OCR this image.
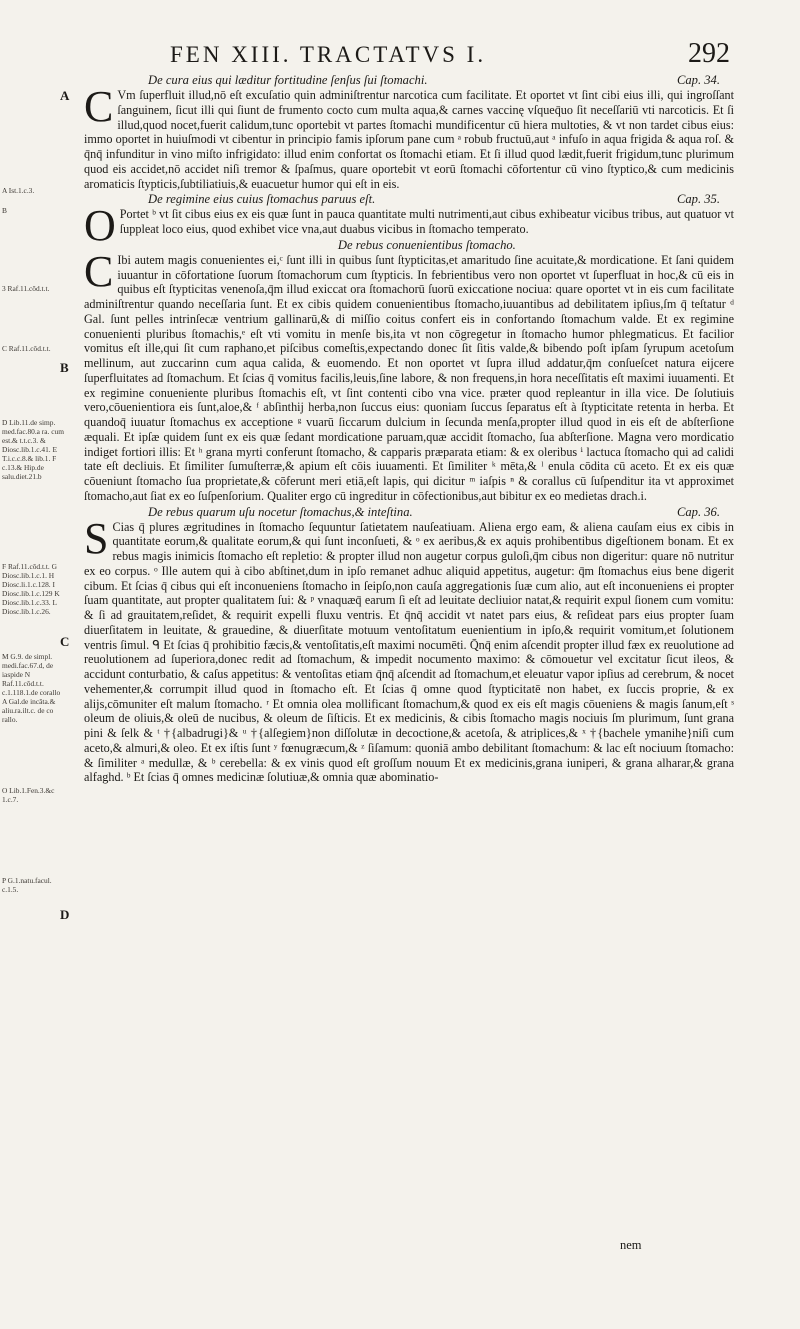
FEN XIII. TRACTATVS I.	292
A Ist.1.c.3.
B
3 Raf.11.cōd.t.t.
C Raf.11.cōd.t.t.
D Lib.11.de simp. med.fac.80.a ra. cum est.& t.t.c.3. & Diosc.lib.1.c.41. E T.i.c.c.8.& lib.1. F c.13.& Hip.de salu.diet.21.b
F Raf.11.cōd.t.t. G Diosc.lib.1.c.1. H Diosc.li.1.c.128. I Diosc.lib.1.c.129 K Diosc.lib.1.c.33. L Diosc.lib.1.c.26.
M G.9. de simpl. medi.fac.67.d, de iaspide N Raf.11.cōd.t.t. c.1.118.1.de corallo A Gal.de incāta.& aliu.ra.ilt.c. de co rallo.
O Lib.1.Fen.3.&c 1.c.7.
P G.1.natu.facul. c.1.5.
A
B
C
D
De cura eius qui læditur fortitudine ſenſus ſui ſtomachi.	Cap. 34.

C Vm ſuperfluit illud,nō eſt excuſatio quin adminiſtrentur narcotica cum facilitate. Et oportet vt ſint cibi eius illi, qui ingroſſant ſanguinem, ſicut illi qui ſiunt de frumento cocto cum multa aqua,& carnes vaccinę vſqueq̄uo ſit neceſſariū vti narcoticis. Et ſi illud,quod nocet,fuerit calidum,tunc oportebit vt partes ſtomachi mundificentur cū hiera multoties, & vt non tardet cibus eius: immo oportet in huiuſmodi vt cibentur in principio famis ipſorum pane cum ᵃ robub fructuū,aut ᵃ infuſo in aqua frigida & aqua roſ. & q̄nq̄ infunditur in vino miſto infrigidato: illud enim confortat os ſtomachi etiam. Et ſi illud quod lædit,fuerit frigidum,tunc plurimum quod eis accidet,nō accidet niſi tremor & ſpaſmus, quare oportebit vt eorū ſtomachi cōfortentur cū vino ſtyptico,& cum medicinis aromaticis ſtypticis,ſubtiliatiuis,& euacuetur humor qui eſt in eis.

De regimine eius cuius ſtomachus paruus eſt.	Cap. 35.

O Portet ᵇ vt ſit cibus eius ex eis quæ ſunt in pauca quantitate multi nutrimenti,aut cibus exhibeatur vicibus tribus, aut quatuor vt ſuppleat loco eius, quod exhibet vice vna,aut duabus vicibus in ſtomacho temperato.

De rebus conuenientibus ſtomacho.

C Ibi autem magis conuenientes ei,ᶜ ſunt illi in quibus ſunt ſtypticitas,et amaritudo ſine acuitate,& mordicatione. Et ſani quidem iuuantur in cōfortatione ſuorum ſtomachorum cum ſtypticis. In febrientibus vero non oportet vt ſuperfluat in hoc,& cū eis in quibus eſt ſtypticitas venenoſa,q̄m illud exiccat ora ſtomachorū ſuorū exiccatione nociua: quare oportet vt in eis cum facilitate adminiſtrentur quando neceſſaria ſunt. Et ex cibis quidem conuenientibus ſtomacho,iuuantibus ad debilitatem ipſius,ſm q̄ teſtatur ᵈ Gal. ſunt pelles intrinſecæ ventrium gallinarū,& di miſſio coitus confert eis in confortando ſtomachum valde. Et ex regimine conuenienti pluribus ſtomachis,ᵉ eſt vti vomitu in menſe bis,ita vt non cōgregetur in ſtomacho humor phlegmaticus. Et facilior vomitus eſt ille,qui ſit cum raphano,et piſcibus comeſtis,expectando donec ſit ſitis valde,& bibendo poſt ipſam ſyrupum acetoſum mellinum, aut zuccarinn cum aqua calida, & euomendo. Et non oportet vt ſupra illud addatur,q̄m conſueſcet natura eijcere ſuperfluitates ad ſtomachum. Et ſcias q̄ vomitus facilis,leuis,ſine labore, & non frequens,in hora neceſſitatis eſt maximi iuuamenti. Et ex regimine conueniente pluribus ſtomachis eſt, vt ſint contenti cibo vna vice. præter quod repleantur in illa vice. De ſolutiuis vero,cōuenientiora eis ſunt,aloe,& ᶠ abſinthij herba,non ſuccus eius: quoniam ſuccus ſeparatus eſt à ſtypticitate retenta in herba. Et quandoq̄ iuuatur ſtomachus ex acceptione ᵍ vuarū ſiccarum dulcium in ſecunda menſa,propter illud quod in eis eſt de abſterſione æquali. Et ipſæ quidem ſunt ex eis quæ ſedant mordicatione paruam,quæ accidit ſtomacho, ſua abſterſione. Magna vero mordicatio indiget fortiori illis: Et ʰ grana myrti conferunt ſtomacho, & capparis præparata etiam: & ex oleribus ⁱ lactuca ſtomacho qui ad calidi tate eſt decliuis. Et ſimiliter ſumuſterræ,& apium eſt cōis iuuamenti. Et ſimiliter ᵏ mēta,& ˡ enula cōdita cū aceto. Et ex eis quæ cōueniunt ſtomacho ſua proprietate,& cōferunt meri etiā,eſt lapis, qui dicitur ᵐ iaſpis ⁿ & corallus cū ſuſpenditur ita vt approximet ſtomacho,aut ſiat ex eo ſuſpenſorium. Qualiter ergo cū ingreditur in cōfectionibus,aut bibitur ex eo medietas drach.i.

De rebus quarum uſu nocetur ſtomachus,& inteſtina.	Cap. 36.

S Cias q̄ plures ægritudines in ſtomacho ſequuntur ſatietatem nauſeatiuam. Aliena ergo eam, & aliena cauſam eius ex cibis in quantitate eorum,& qualitate eorum,& qui ſunt inconſueti, & ᵒ ex aeribus,& ex aquis prohibentibus digeſtionem bonam. Et ex rebus magis inimicis ſtomacho eſt repletio: & propter illud non augetur corpus guloſi,q̄m cibus non digeritur: quare nō nutritur ex eo corpus. ᵒ Ille autem qui à cibo abſtinet,dum in ipſo remanet adhuc aliquid appetitus, augetur: q̄m ſtomachus eius bene digerit cibum. Et ſcias q̄ cibus qui eſt inconueniens ſtomacho in ſeipſo,non cauſa aggregationis ſuæ cum alio, aut eſt inconueniens ei propter ſuam quantitate, aut propter qualitatem ſui: & ᵖ vnaquæq̄ earum ſi eſt ad leuitate decliuior natat,& requirit expul ſionem cum vomitu: & ſi ad grauitatem,reſidet, & requirit expelli fluxu ventris. Et q̄nq̄ accidit vt natet pars eius, & reſideat pars eius propter ſuam diuerſitatem in leuitate, & grauedine, & diuerſitate motuum ventoſitatum euenientium in ipſo,& requirit vomitum,et ſolutionem ventris ſimul. ᑫ Et ſcias q̄ prohibitio fæcis,& ventoſitatis,eſt maximi nocumēti. Q̄nq̄ enim aſcendit propter illud fæx ex reuolutione ad reuolutionem ad ſuperiora,donec redit ad ſtomachum, & impedit nocumento maximo: & cōmouetur vel excitatur ſicut ileos, & accidunt conturbatio, & caſus appetitus: & ventoſitas etiam q̄nq̄ aſcendit ad ſtomachum,et eleuatur vapor ipſius ad cerebrum, & nocet vehementer,& corrumpit illud quod in ſtomacho eſt. Et ſcias q̄ omne quod ſtypticitatē non habet, ex ſuccis proprie, & ex alijs,cōmuniter eſt malum ſtomacho. ʳ Et omnia olea mollificant ſtomachum,& quod ex eis eſt magis cōueniens & magis ſanum,eſt ˢ oleum de oliuis,& oleū de nucibus, & oleum de ſiſticis. Et ex medicinis, & cibis ſtomacho magis nociuis ſm plurimum, ſunt grana pini & ſelk & ᵗ †{albadrugi}& ᵘ †{alſegiem}non diſſolutæ in decoctione,& acetoſa, & atriplices,& ˣ †{bachele ymanihe}niſi cum aceto,& almuri,& oleo. Et ex iſtis ſunt ʸ fœnugræcum,& ᶻ ſiſamum: quoniā ambo debilitant ſtomachum: & lac eſt nociuum ſtomacho: & ſimiliter ᵃ medullæ, & ᵇ cerebella: & ex vinis quod eſt groſſum nouum Et ex medicinis,grana iuniperi, & grana alharar,& grana alfaghd. ᵇ Et ſcias q̄ omnes medicinæ ſolutiuæ,& omnia quæ abominatio-

nem
